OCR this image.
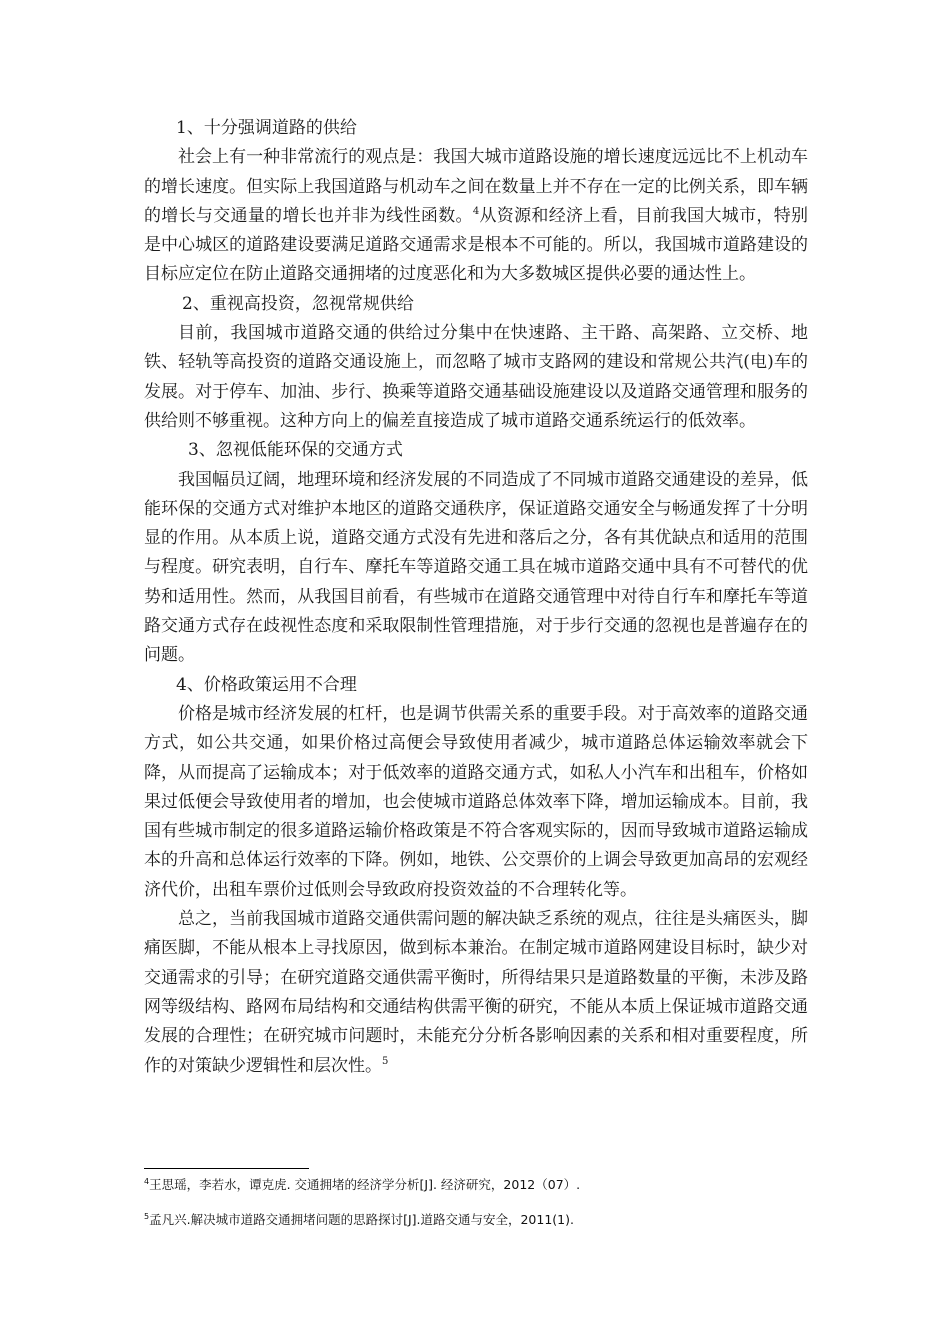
1、十分强调道路的供给

社会上有一种非常流行的观点是：我国大城市道路设施的增长速度远远比不上机动车的增长速度。但实际上我国道路与机动车之间在数量上并不存在一定的比例关系，即车辆的增长与交通量的增长也并非为线性函数。$^4$从资源和经济上看，目前我国大城市，特别是中心城区的道路建设要满足道路交通需求是根本不可能的。所以，我国城市道路建设的目标应定位在防止道路交通拥堵的过度恶化和为大多数城区提供必要的通达性上。

2、重视高投资，忽视常规供给

目前，我国城市道路交通的供给过分集中在快速路、主干路、高架路、立交桥、地铁、轻轨等高投资的道路交通设施上，而忽略了城市支路网的建设和常规公共汽(电)车的发展。对于停车、加油、步行、换乘等道路交通基础设施建设以及道路交通管理和服务的供给则不够重视。这种方向上的偏差直接造成了城市道路交通系统运行的低效率。

3、忽视低能环保的交通方式

我国幅员辽阔，地理环境和经济发展的不同造成了不同城市道路交通建设的差异，低能环保的交通方式对维护本地区的道路交通秩序，保证道路交通安全与畅通发挥了十分明显的作用。从本质上说，道路交通方式没有先进和落后之分，各有其优缺点和适用的范围与程度。研究表明，自行车、摩托车等道路交通工具在城市道路交通中具有不可替代的优势和适用性。然而，从我国目前看，有些城市在道路交通管理中对待自行车和摩托车等道路交通方式存在歧视性态度和采取限制性管理措施，对于步行交通的忽视也是普遍存在的问题。

4、价格政策运用不合理

价格是城市经济发展的杠杆，也是调节供需关系的重要手段。对于高效率的道路交通方式，如公共交通，如果价格过高便会导致使用者减少，城市道路总体运输效率就会下降，从而提高了运输成本；对于低效率的道路交通方式，如私人小汽车和出租车，价格如果过低便会导致使用者的增加，也会使城市道路总体效率下降，增加运输成本。目前，我国有些城市制定的很多道路运输价格政策是不符合客观实际的，因而导致城市道路运输成本的升高和总体运行效率的下降。例如，地铁、公交票价的上调会导致更加高昂的宏观经济代价，出租车票价过低则会导致政府投资效益的不合理转化等。

总之，当前我国城市道路交通供需问题的解决缺乏系统的观点，往往是头痛医头，脚痛医脚，不能从根本上寻找原因，做到标本兼治。在制定城市道路网建设目标时，缺少对交通需求的引导；在研究道路交通供需平衡时，所得结果只是道路数量的平衡，未涉及路网等级结构、路网布局结构和交通结构供需平衡的研究，不能从本质上保证城市道路交通发展的合理性；在研究城市问题时，未能充分分析各影响因素的关系和相对重要程度，所作的对策缺少逻辑性和层次性。$^5$

$^4$王思瑶，李若水，谭克虎. 交通拥堵的经济学分析[J]. 经济研究，2012（07）.
$^5$孟凡兴.解决城市道路交通拥堵问题的思路探讨[J].道路交通与安全，2011(1).
